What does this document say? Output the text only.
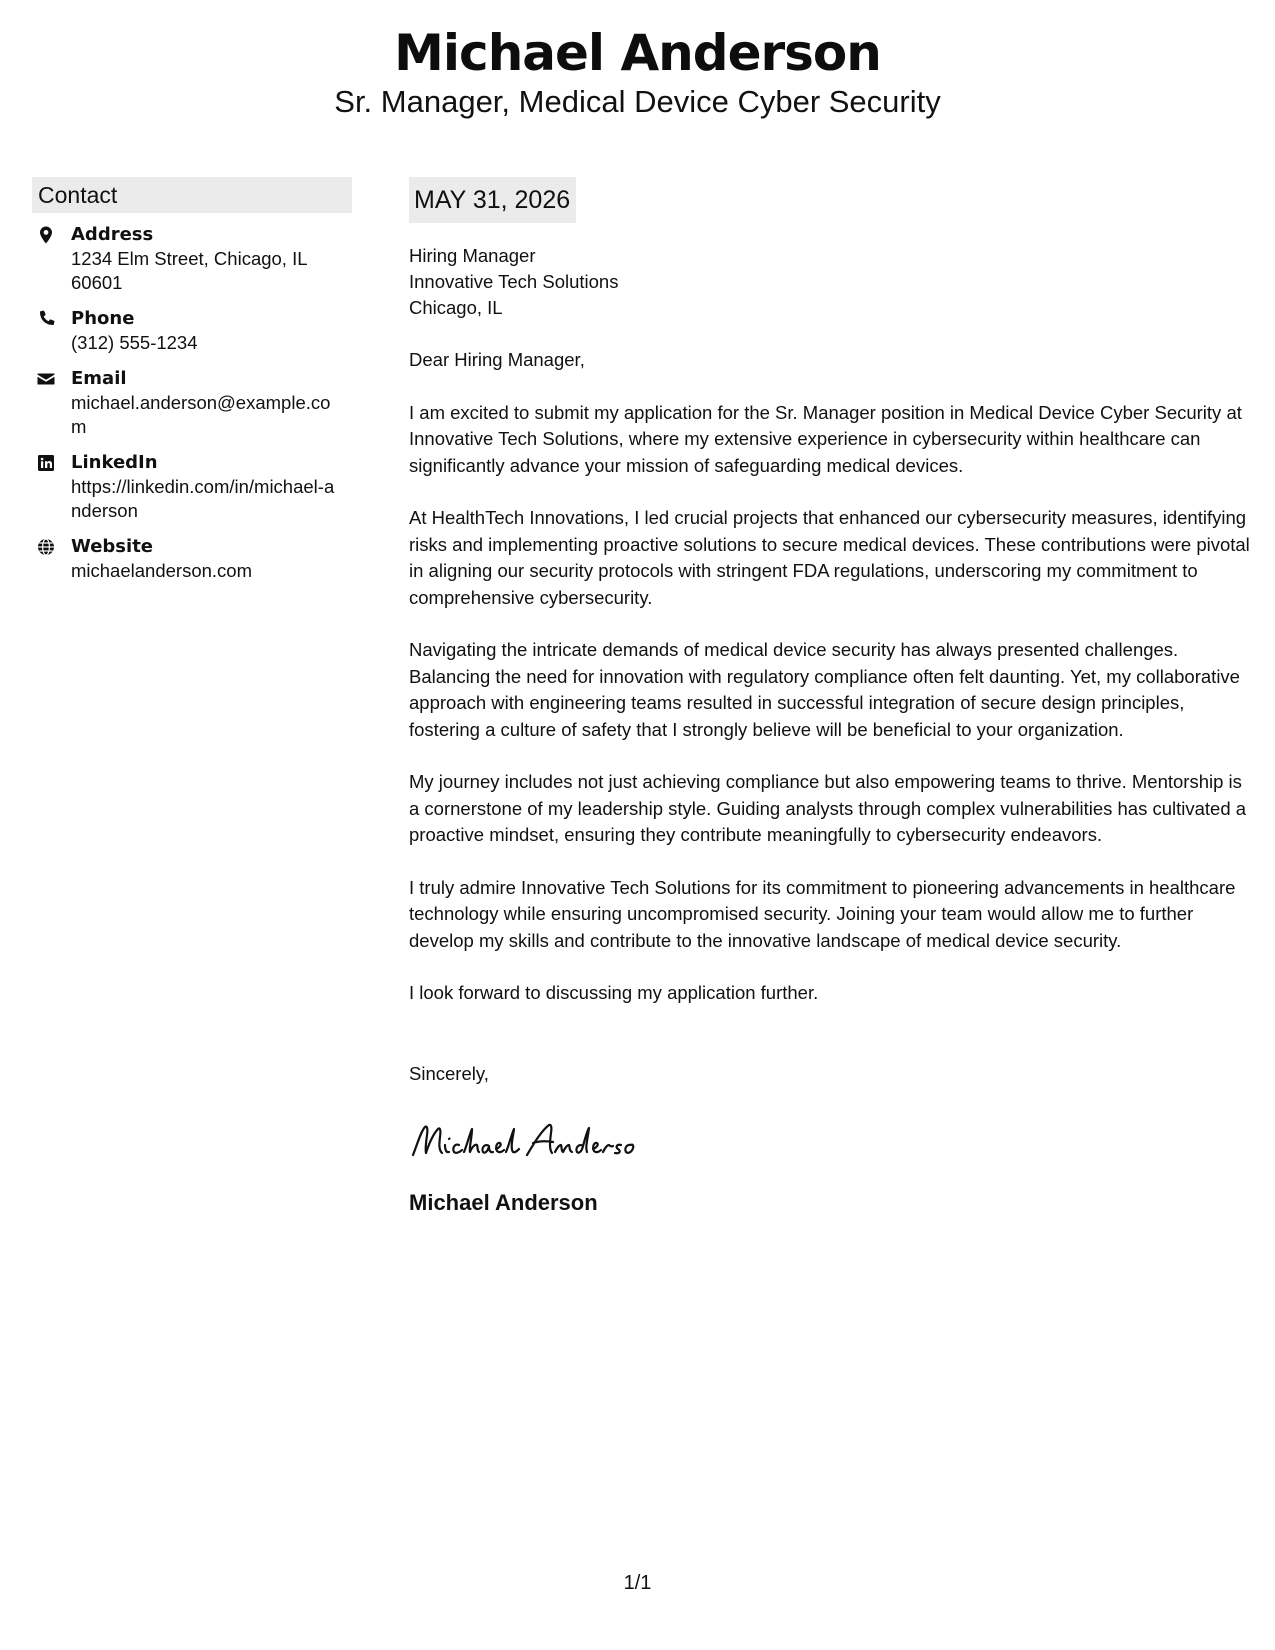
Michael Anderson
Sr. Manager, Medical Device Cyber Security
Contact
Address
1234 Elm Street, Chicago, IL 60601
Phone
(312) 555-1234
Email
michael.anderson@example.com
LinkedIn
https://linkedin.com/in/michael-anderson
Website
michaelanderson.com
MAY 31, 2026
Hiring Manager
Innovative Tech Solutions
Chicago, IL
Dear Hiring Manager,
I am excited to submit my application for the Sr. Manager position in Medical Device Cyber Security at Innovative Tech Solutions, where my extensive experience in cybersecurity within healthcare can significantly advance your mission of safeguarding medical devices.
At HealthTech Innovations, I led crucial projects that enhanced our cybersecurity measures, identifying risks and implementing proactive solutions to secure medical devices. These contributions were pivotal in aligning our security protocols with stringent FDA regulations, underscoring my commitment to comprehensive cybersecurity.
Navigating the intricate demands of medical device security has always presented challenges. Balancing the need for innovation with regulatory compliance often felt daunting. Yet, my collaborative approach with engineering teams resulted in successful integration of secure design principles, fostering a culture of safety that I strongly believe will be beneficial to your organization.
My journey includes not just achieving compliance but also empowering teams to thrive. Mentorship is a cornerstone of my leadership style. Guiding analysts through complex vulnerabilities has cultivated a proactive mindset, ensuring they contribute meaningfully to cybersecurity endeavors.
I truly admire Innovative Tech Solutions for its commitment to pioneering advancements in healthcare technology while ensuring uncompromised security. Joining your team would allow me to further develop my skills and contribute to the innovative landscape of medical device security.
I look forward to discussing my application further.
Sincerely,
Michael Anderson
1/1
